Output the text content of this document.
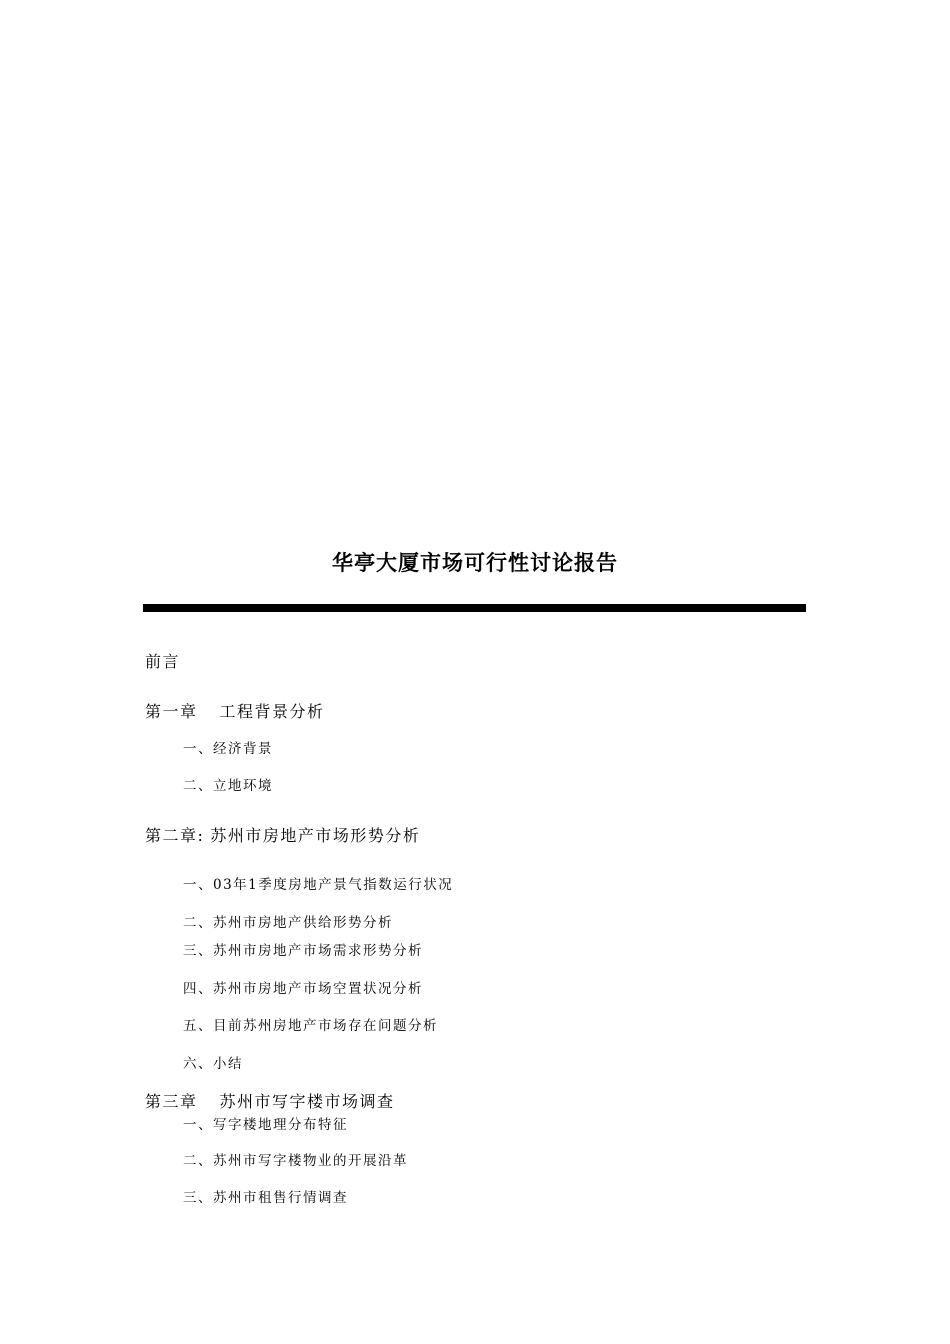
华亭大厦市场可行性讨论报告
前言
第一章 工程背景分析
一、经济背景
二、立地环境
第二章: 苏州市房地产市场形势分析
一、03年1季度房地产景气指数运行状况
二、苏州市房地产供给形势分析
三、苏州市房地产市场需求形势分析
四、苏州市房地产市场空置状况分析
五、目前苏州房地产市场存在问题分析
六、小结
第三章 苏州市写字楼市场调查
一、写字楼地理分布特征
二、苏州市写字楼物业的开展沿革
三、苏州市租售行情调查
